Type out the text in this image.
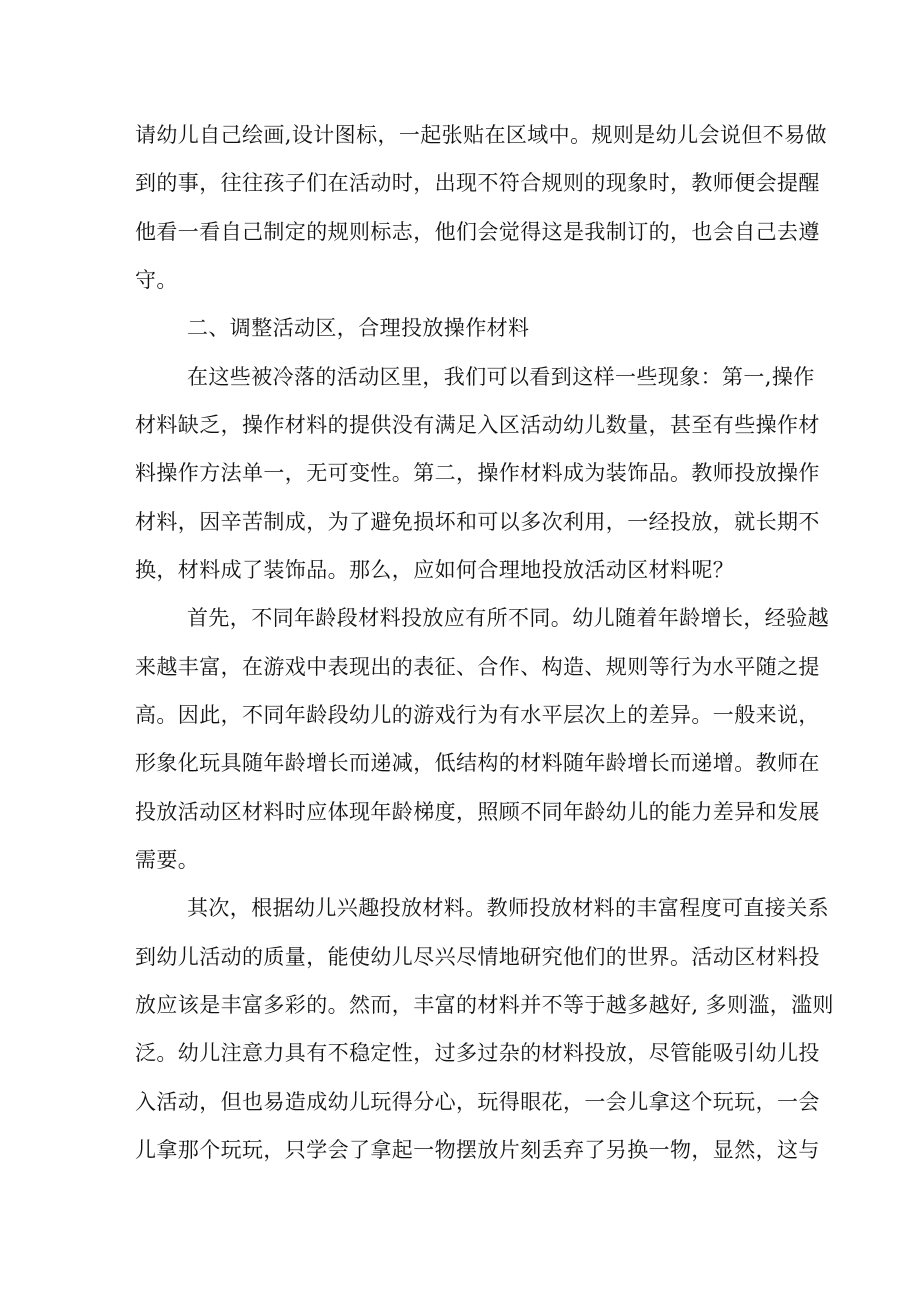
请幼儿自己绘画,设计图标，一起张贴在区域中。规则是幼儿会说但不易做
到的事，往往孩子们在活动时，出现不符合规则的现象时，教师便会提醒
他看一看自己制定的规则标志，他们会觉得这是我制订的，也会自己去遵
守。
二、调整活动区，合理投放操作材料
在这些被冷落的活动区里，我们可以看到这样一些现象：第一,操作
材料缺乏，操作材料的提供没有满足入区活动幼儿数量，甚至有些操作材
料操作方法单一，无可变性。第二，操作材料成为装饰品。教师投放操作
材料，因辛苦制成，为了避免损坏和可以多次利用，一经投放，就长期不
换，材料成了装饰品。那么，应如何合理地投放活动区材料呢？
首先，不同年龄段材料投放应有所不同。幼儿随着年龄增长，经验越
来越丰富，在游戏中表现出的表征、合作、构造、规则等行为水平随之提
高。因此，不同年龄段幼儿的游戏行为有水平层次上的差异。一般来说，
形象化玩具随年龄增长而递减，低结构的材料随年龄增长而递增。教师在
投放活动区材料时应体现年龄梯度，照顾不同年龄幼儿的能力差异和发展
需要。
其次，根据幼儿兴趣投放材料。教师投放材料的丰富程度可直接关系
到幼儿活动的质量，能使幼儿尽兴尽情地研究他们的世界。活动区材料投
放应该是丰富多彩的。然而，丰富的材料并不等于越多越好, 多则滥，滥则
泛。幼儿注意力具有不稳定性，过多过杂的材料投放，尽管能吸引幼儿投
入活动，但也易造成幼儿玩得分心，玩得眼花，一会儿拿这个玩玩，一会
儿拿那个玩玩，只学会了拿起一物摆放片刻丢弃了另换一物，显然，这与
